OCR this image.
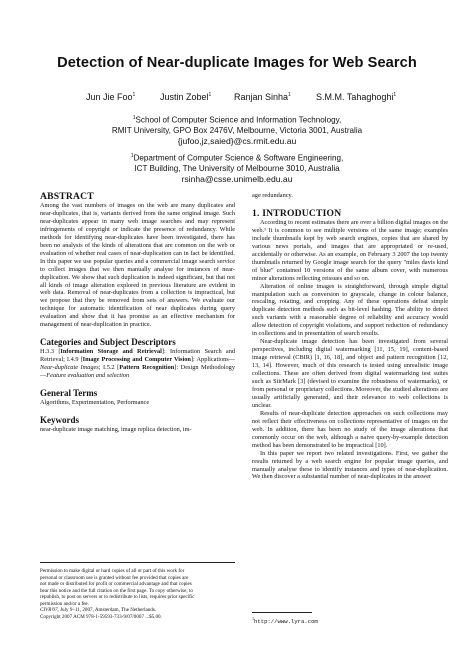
Detection of Near-duplicate Images for Web Search
Jun Jie Foo$^1$	Justin Zobel$^1$	Ranjan Sinha$^1$	S.M.M. Tahaghoghi$^1$
$^1$School of Computer Science and Information Technology,
RMIT University, GPO Box 2476V, Melbourne, Victoria 3001, Australia
{jufoo,jz,saied}@cs.rmit.edu.au
$^1$Department of Computer Science & Software Engineering,
ICT Building, The University of Melbourne 3010, Australia
rsinha@csse.unimelb.edu.au
ABSTRACT

Among the vast numbers of images on the web are many duplicates and near-duplicates, that is, variants derived from the same original image. Such near-duplicates appear in many web image searches and may represent infringements of copyright or indicate the presence of redundancy. While methods for identifying near-duplicates have been investigated, there has been no analysis of the kinds of alterations that are common on the web or evaluation of whether real cases of near-duplication can in fact be identified. In this paper we use popular queries and a commercial image search service to collect images that we then manually analyse for instances of near-duplication. We show that such duplication is indeed significant, but that not all kinds of image alteration explored in previous literature are evident in web data. Removal of near-duplicates from a collection is impractical, but we propose that they be removed from sets of answers. We evaluate our technique for automatic identification of near duplicates during query evaluation and show that it has promise as an effective mechanism for management of near-duplication in practice.

Categories and Subject Descriptors

H.3.3 [Information Storage and Retrieval]: Information Search and Retrieval; I.4.9 [Image Processing and Computer Vision]: Applications—Near-duplicate Images; I.5.2 [Pattern Recognition]: Design Methodology—Feature evaluation and selection

General Terms

Algorithms, Experimentation, Performance

Keywords

near-duplicate image matching, image replica detection, im-

Permission to make digital or hard copies of all or part of this work for
personal or classroom use is granted without fee provided that copies are
not made or distributed for profit or commercial advantage and that copies
bear this notice and the full citation on the first page. To copy otherwise, to
republish, to post on servers or to redistribute to lists, requires prior specific
permission and/or a fee.
CIVR'07, July 9–11, 2007, Amsterdam, The Netherlands.
Copyright 2007 ACM 978-1-59593-733-9/07/0007 ...$5.00.

age redundancy.

1. INTRODUCTION

According to recent estimates there are over a billion digital images on the web.¹ It is common to see multiple versions of the same image; examples include thumbnails kept by web search engines, copies that are shared by various news portals, and images that are appropriated or re-used, accidentally or otherwise. As an example, on February 3 2007 the top twenty thumbnails returned by Google image search for the query "miles davis kind of blue" contained 10 versions of the same album cover, with numerous minor alterations reflecting reissues and so on.

Alteration of online images is straightforward, through simple digital manipulation such as conversion to grayscale, change in colour balance, rescaling, rotating, and cropping. Any of these operations defeat simple duplicate detection methods such as bit-level hashing. The ability to detect such variants with a reasonable degree of reliability and accuracy would allow detection of copyright violations, and support reduction of redundancy in collections and in presentation of search results.

Near-duplicate image detection has been investigated from several perspectives, including digital watermarking [11, 15, 19], content-based image retrieval (CBIR) [1, 16, 18], and object and pattern recognition [12, 13, 14]. However, much of this research is tested using unrealistic image collections. These are often derived from digital watermarking test suites such as StirMark [3] (devised to examine the robustness of watermarks), or from personal or proprietary collections. Moreover, the studied alterations are usually artificially generated, and their relevance to web collections is unclear.

Results of near-duplicate detection approaches on such collections may not reflect their effectiveness on collections representative of images on the web. In addition, there has been no study of the image alterations that commonly occur on the web, although a naive query-by-example detection method has been demonstrated to be impractical [10].

In this paper we report two related investigations. First, we gather the results returned by a web search engine for popular image queries, and manually analyse these to identify instances and types of near-duplication. We then discover a substantial number of near-duplicates in the answer

$^1$http://www.lyra.com
